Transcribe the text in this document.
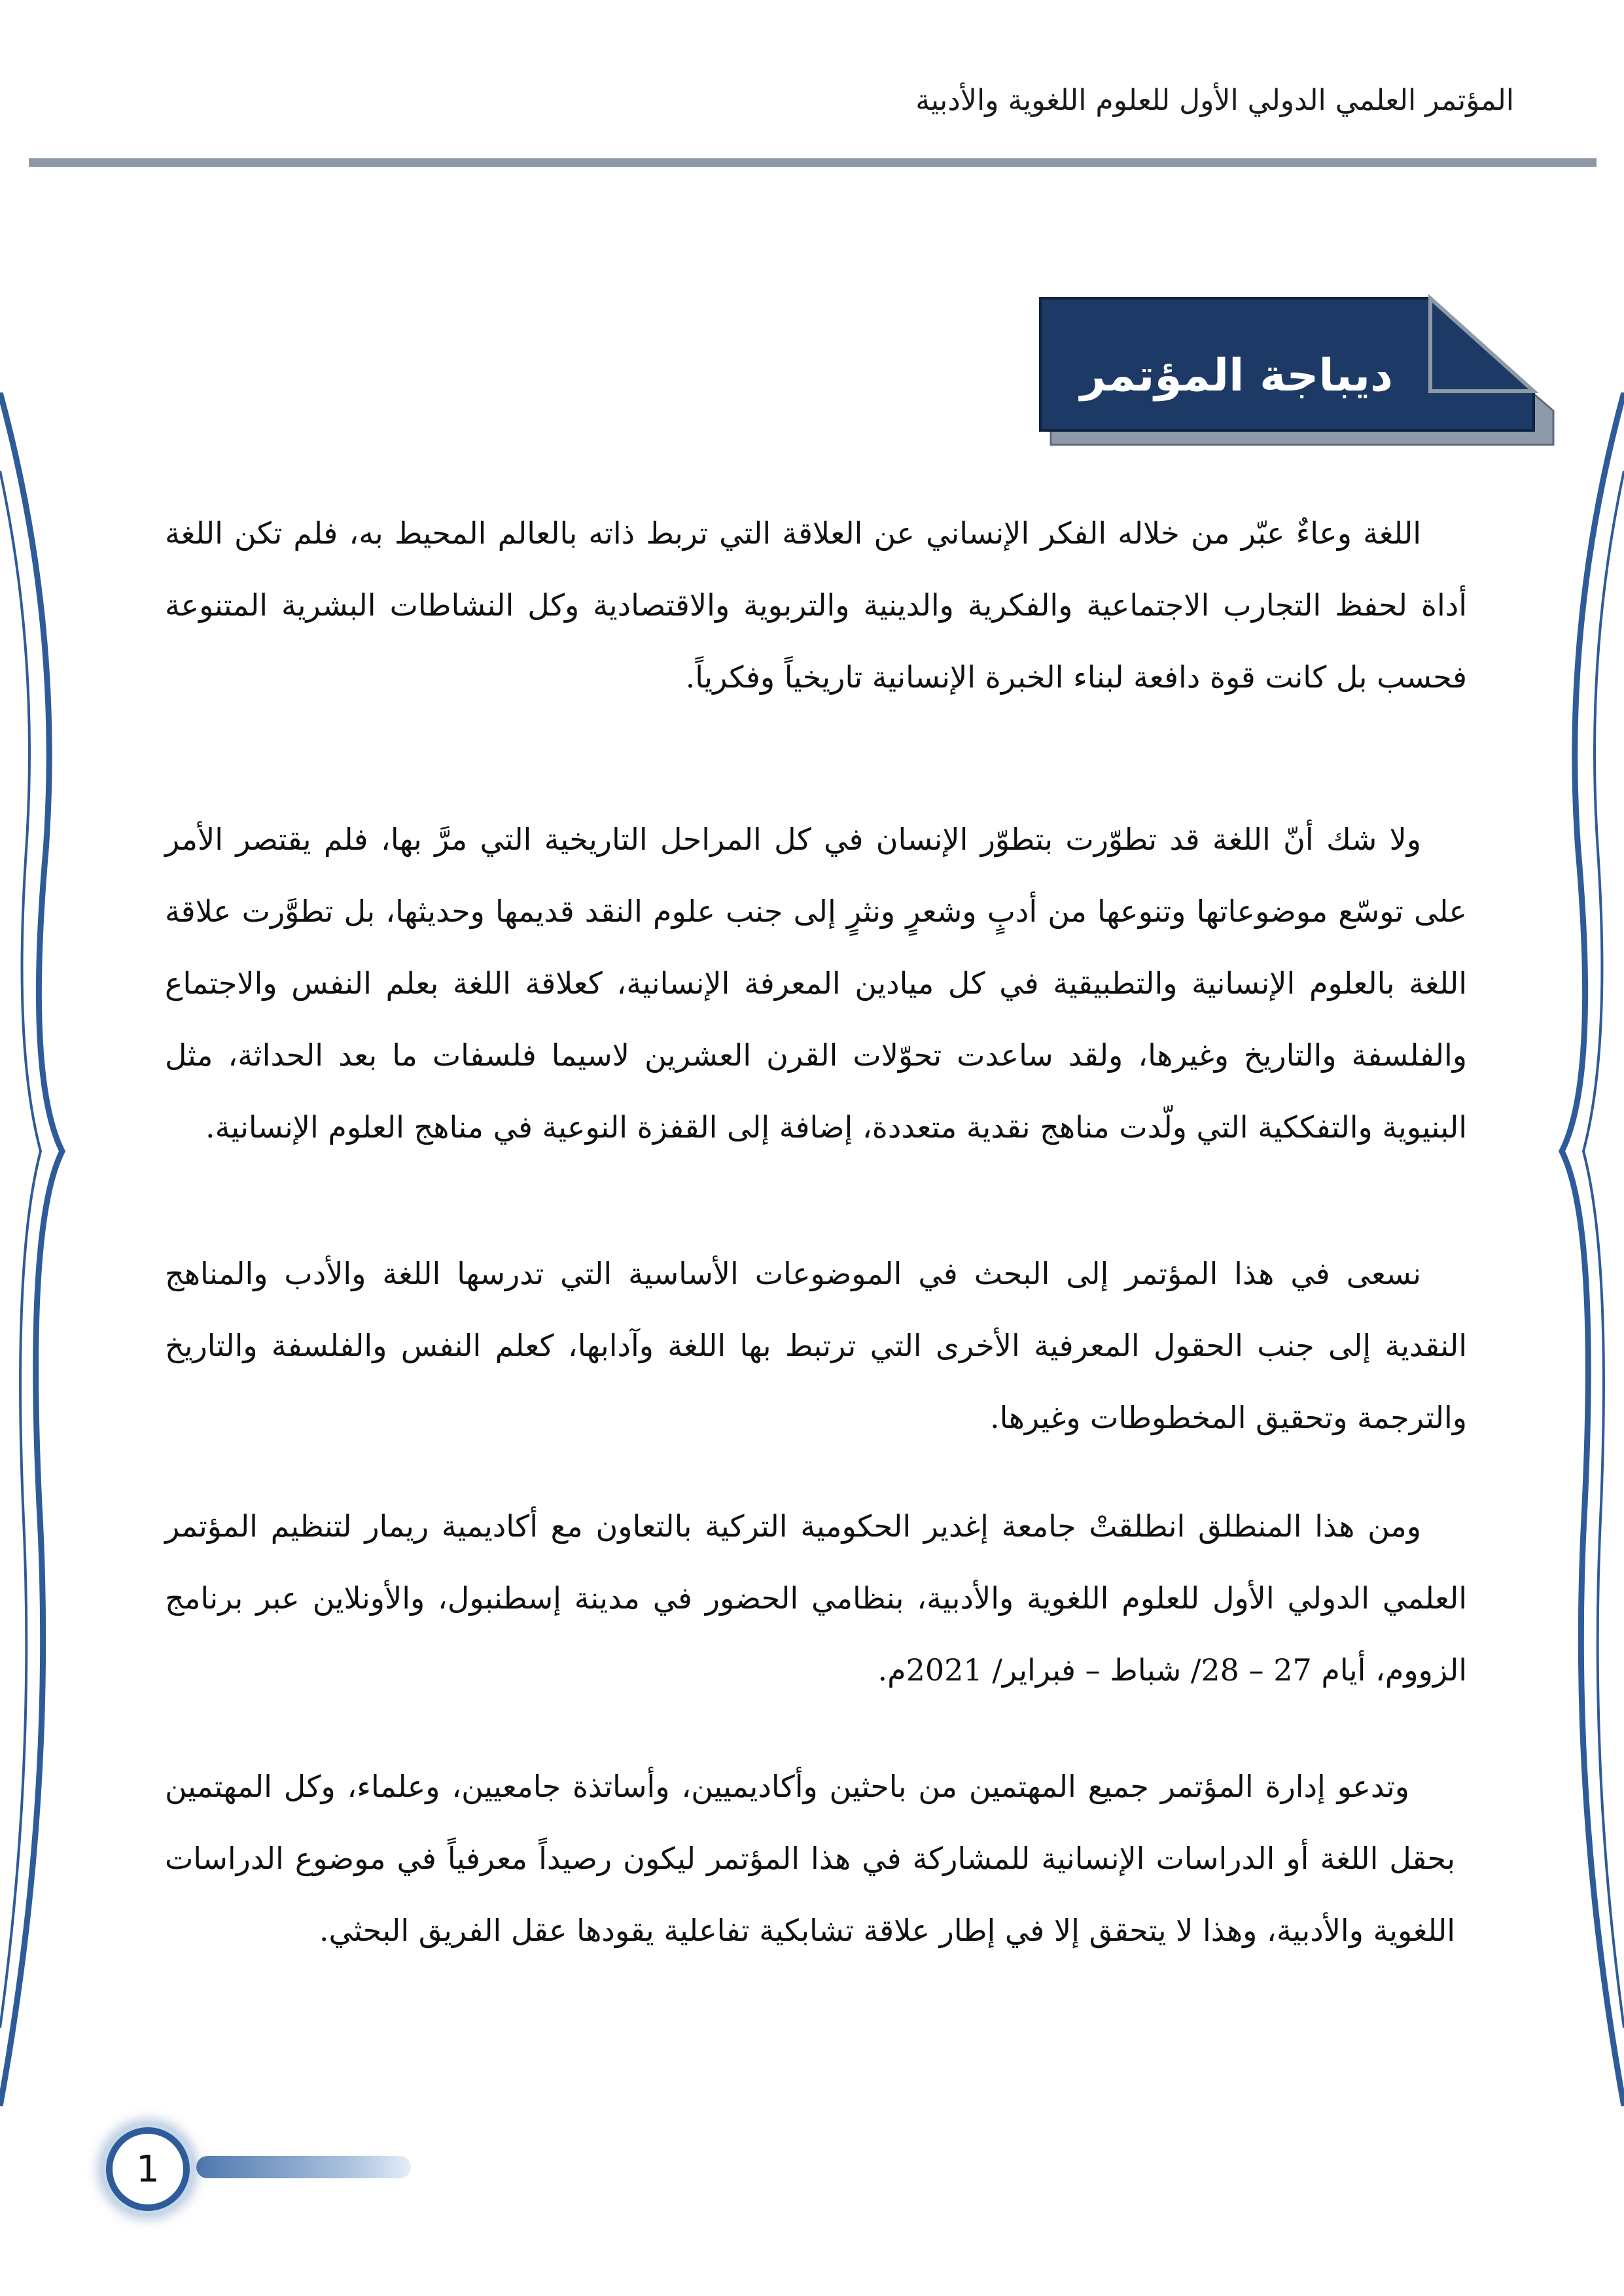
المؤتمر العلمي الدولي الأول للعلوم اللغوية والأدبية
ديباجة المؤتمر

اللغة وعاءٌ عبّر من خلاله الفكر الإنساني عن العلاقة التي تربط ذاته بالعالم المحيط به، فلم تكن اللغة أداة لحفظ التجارب الاجتماعية والفكرية والدينية والتربوية والاقتصادية وكل النشاطات البشرية المتنوعة فحسب بل كانت قوة دافعة لبناء الخبرة الإنسانية تاريخياً وفكرياً.

ولا شك أنّ اللغة قد تطوّرت بتطوّر الإنسان في كل المراحل التاريخية التي مرَّ بها، فلم يقتصر الأمر على توسّع موضوعاتها وتنوعها من أدبٍ وشعرٍ ونثرٍ إلى جنب علوم النقد قديمها وحديثها، بل تطوَّرت علاقة اللغة بالعلوم الإنسانية والتطبيقية في كل ميادين المعرفة الإنسانية، كعلاقة اللغة بعلم النفس والاجتماع والفلسفة والتاريخ وغيرها، ولقد ساعدت تحوّلات القرن العشرين لاسيما فلسفات ما بعد الحداثة، مثل البنيوية والتفككية التي ولّدت مناهج نقدية متعددة، إضافة إلى القفزة النوعية في مناهج العلوم الإنسانية.

نسعى في هذا المؤتمر إلى البحث في الموضوعات الأساسية التي تدرسها اللغة والأدب والمناهج النقدية إلى جنب الحقول المعرفية الأخرى التي ترتبط بها اللغة وآدابها، كعلم النفس والفلسفة والتاريخ والترجمة وتحقيق المخطوطات وغيرها.

ومن هذا المنطلق انطلقتْ جامعة إغدير الحكومية التركية بالتعاون مع أكاديمية ريمار لتنظيم المؤتمر العلمي الدولي الأول للعلوم اللغوية والأدبية، بنظامي الحضور في مدينة إسطنبول، والأونلاين عبر برنامج الزووم، أيام 27 – 28/ شباط – فبراير/ 2021م.

وتدعو إدارة المؤتمر جميع المهتمين من باحثين وأكاديميين، وأساتذة جامعيين، وعلماء، وكل المهتمين بحقل اللغة أو الدراسات الإنسانية للمشاركة في هذا المؤتمر ليكون رصيداً معرفياً في موضوع الدراسات اللغوية والأدبية، وهذا لا يتحقق إلا في إطار علاقة تشابكية تفاعلية يقودها عقل الفريق البحثي.

1
